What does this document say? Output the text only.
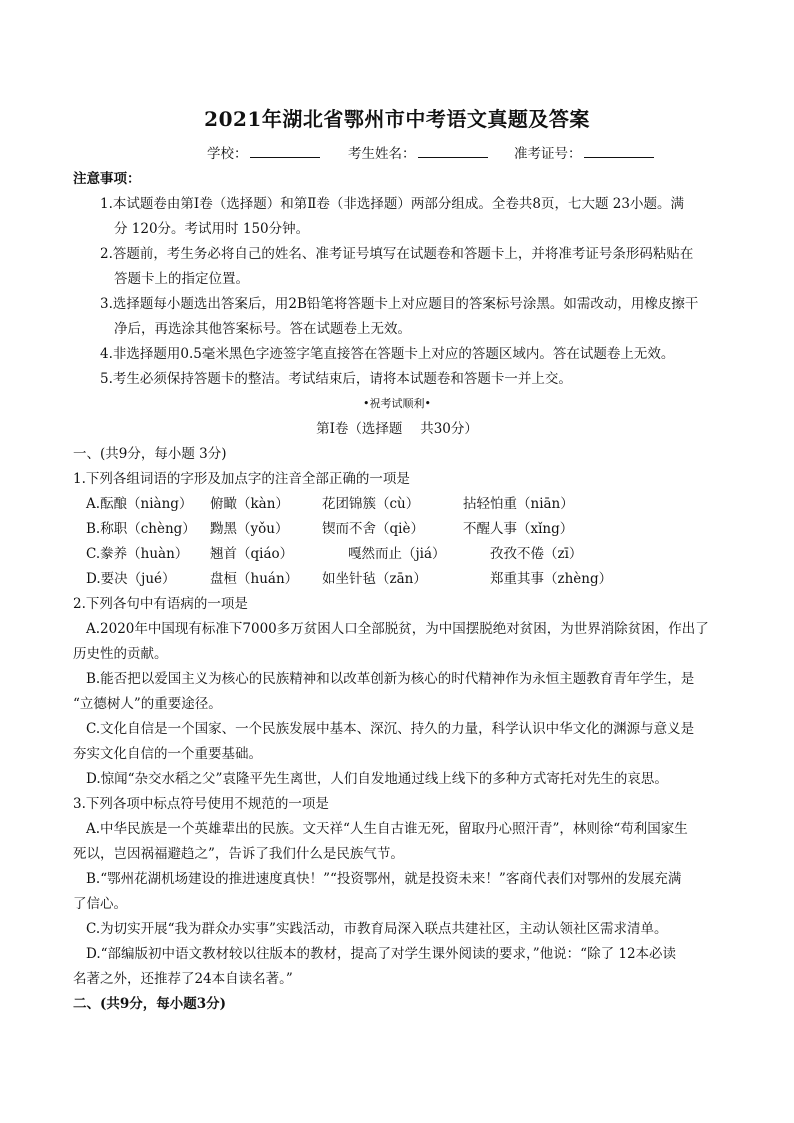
2021年湖北省鄂州市中考语文真题及答案
学校：	考生姓名：	准考证号：
注意事项：
1.本试题卷由第Ⅰ卷（选择题）和第Ⅱ卷（非选择题）两部分组成。全卷共8页，七大题 23小题。满
分 120分。考试用时 150分钟。
2.答题前，考生务必将自己的姓名、准考证号填写在试题卷和答题卡上，并将准考证号条形码粘贴在
答题卡上的指定位置。
3.选择题每小题选出答案后，用2B铅笔将答题卡上对应题目的答案标号涂黑。如需改动，用橡皮擦干
净后，再选涂其他答案标号。答在试题卷上无效。
4.非选择题用0.5毫米黑色字迹签字笔直接答在答题卡上对应的答题区域内。答在试题卷上无效。
5.考生必须保持答题卡的整洁。考试结束后，请将本试题卷和答题卡一并上交。
•祝考试顺利•
第Ⅰ卷（选择题　 共30分）
一、(共9分，每小题 3分)
1.下列各组词语的字形及加点字的注音全部正确的一项是
A.酝酿（niàng） 俯瞰（kàn） 花团锦簇（cù）	拈轻怕重（niān）
B.称职（chèng） 黝黑（yǒu） 锲而不舍（qiè）	不醒人事（xǐng）
C.豢养（huàn） 翘首（qiáo）	嘎然而止（jiá）	孜孜不倦（zī）
D.要决（jué）	盘桓（huán） 如坐针毡（zān）	郑重其事（zhèng）
2.下列各句中有语病的一项是
A.2020年中国现有标准下7000多万贫困人口全部脱贫，为中国摆脱绝对贫困，为世界消除贫困，作出了
历史性的贡献。
B.能否把以爱国主义为核心的民族精神和以改革创新为核心的时代精神作为永恒主题教育青年学生，是
“立德树人”的重要途径。
C.文化自信是一个国家、一个民族发展中基本、深沉、持久的力量，科学认识中华文化的渊源与意义是
夯实文化自信的一个重要基础。
D.惊闻“杂交水稻之父”袁隆平先生离世，人们自发地通过线上线下的多种方式寄托对先生的哀思。
3.下列各项中标点符号使用不规范的一项是
A.中华民族是一个英雄辈出的民族。文天祥“人生自古谁无死，留取丹心照汗青”，林则徐“苟利国家生
死以，岂因祸福避趋之”，告诉了我们什么是民族气节。
B.“鄂州花湖机场建设的推进速度真快！”“投资鄂州，就是投资未来！”客商代表们对鄂州的发展充满
了信心。
C.为切实开展“我为群众办实事”实践活动，市教育局深入联点共建社区，主动认领社区需求清单。
D.“部编版初中语文教材较以往版本的教材，提高了对学生课外阅读的要求，”他说：“除了 12本必读
名著之外，还推荐了24本自读名著。”
二、(共9分，每小题3分)
